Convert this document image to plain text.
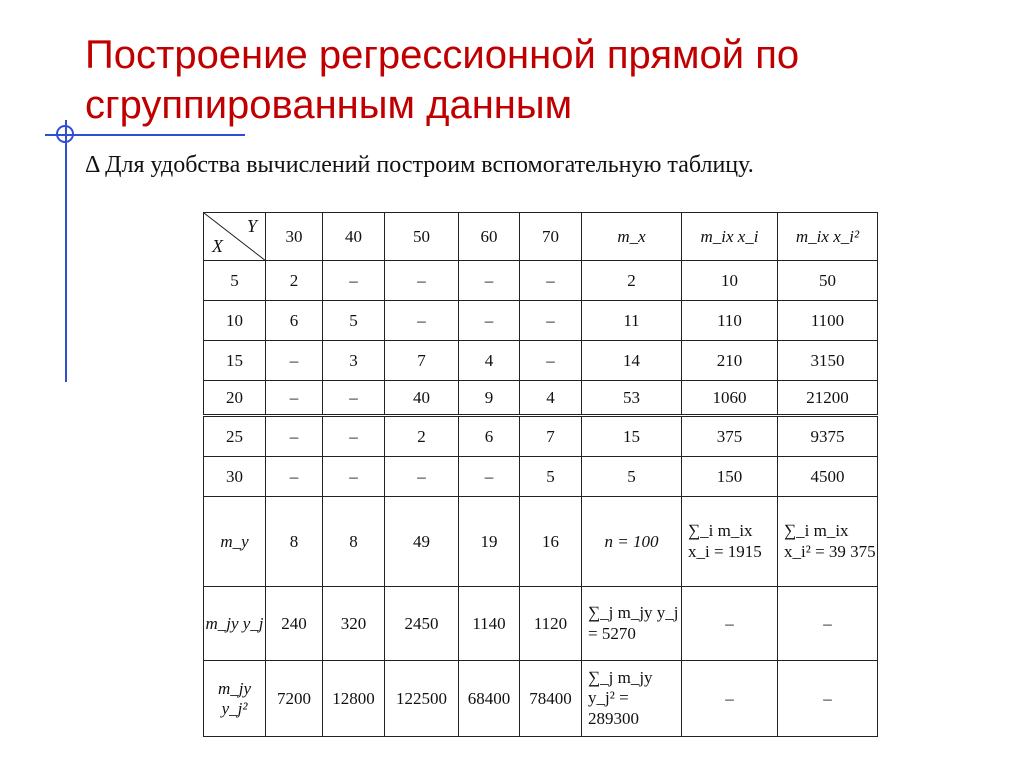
Построение регрессионной прямой по сгруппированным данным

Δ Для удобства вычислений построим вспомогательную таблицу.

Y
X	30	40	50	60	70	m_x	m_ix x_i	m_ix x_i²
5	2	–	–	–	–	2	10	50
10	6	5	–	–	–	11	110	1100
15	–	3	7	4	–	14	210	3150
20	–	–	40	9	4	53	1060	21200
25	–	–	2	6	7	15	375	9375
30	–	–	–	–	5	5	150	4500
m_y	8	8	49	19	16	n = 100	∑_i m_ix x_i = 1915	∑_i m_ix x_i² = 39 375
m_jy y_j	240	320	2450	1140	1120	∑_j m_jy y_j = 5270	–	–
m_jy y_j²	7200	12800	122500	68400	78400	∑_j m_jy y_j² = 289300	–	–
